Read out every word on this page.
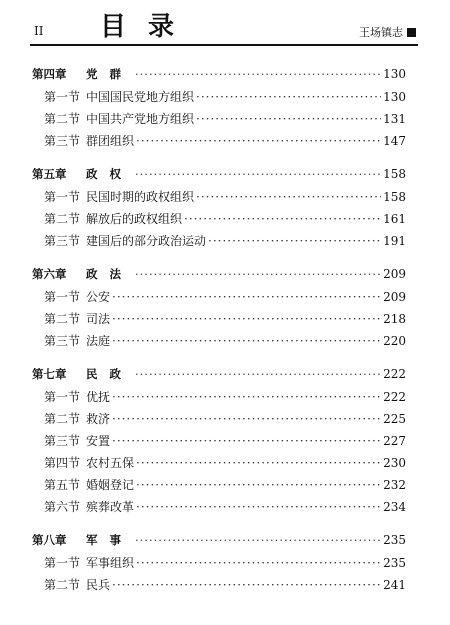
II 目录	王场镇志
第四章	党群 ·····	130
第一节 中国国民党地方组织 ·····	130
第二节 中国共产党地方组织 ·····	131
第三节 群团组织 ·····	147
第五章	政权 ·····	158
第一节 民国时期的政权组织 ·····	158
第二节 解放后的政权组织 ·····	161
第三节 建国后的部分政治运动 ·····	191
第六章	政法 ·····	209
第一节 公安 ·····	209
第二节 司法 ·····	218
第三节 法庭 ·····	220
第七章	民政 ·····	222
第一节 优抚 ·····	222
第二节 救济 ·····	225
第三节 安置 ·····	227
第四节 农村五保 ·····	230
第五节 婚姻登记 ·····	232
第六节 殡葬改革 ·····	234
第八章	军事 ·····	235
第一节 军事组织 ·····	235
第二节 民兵 ·····	241
